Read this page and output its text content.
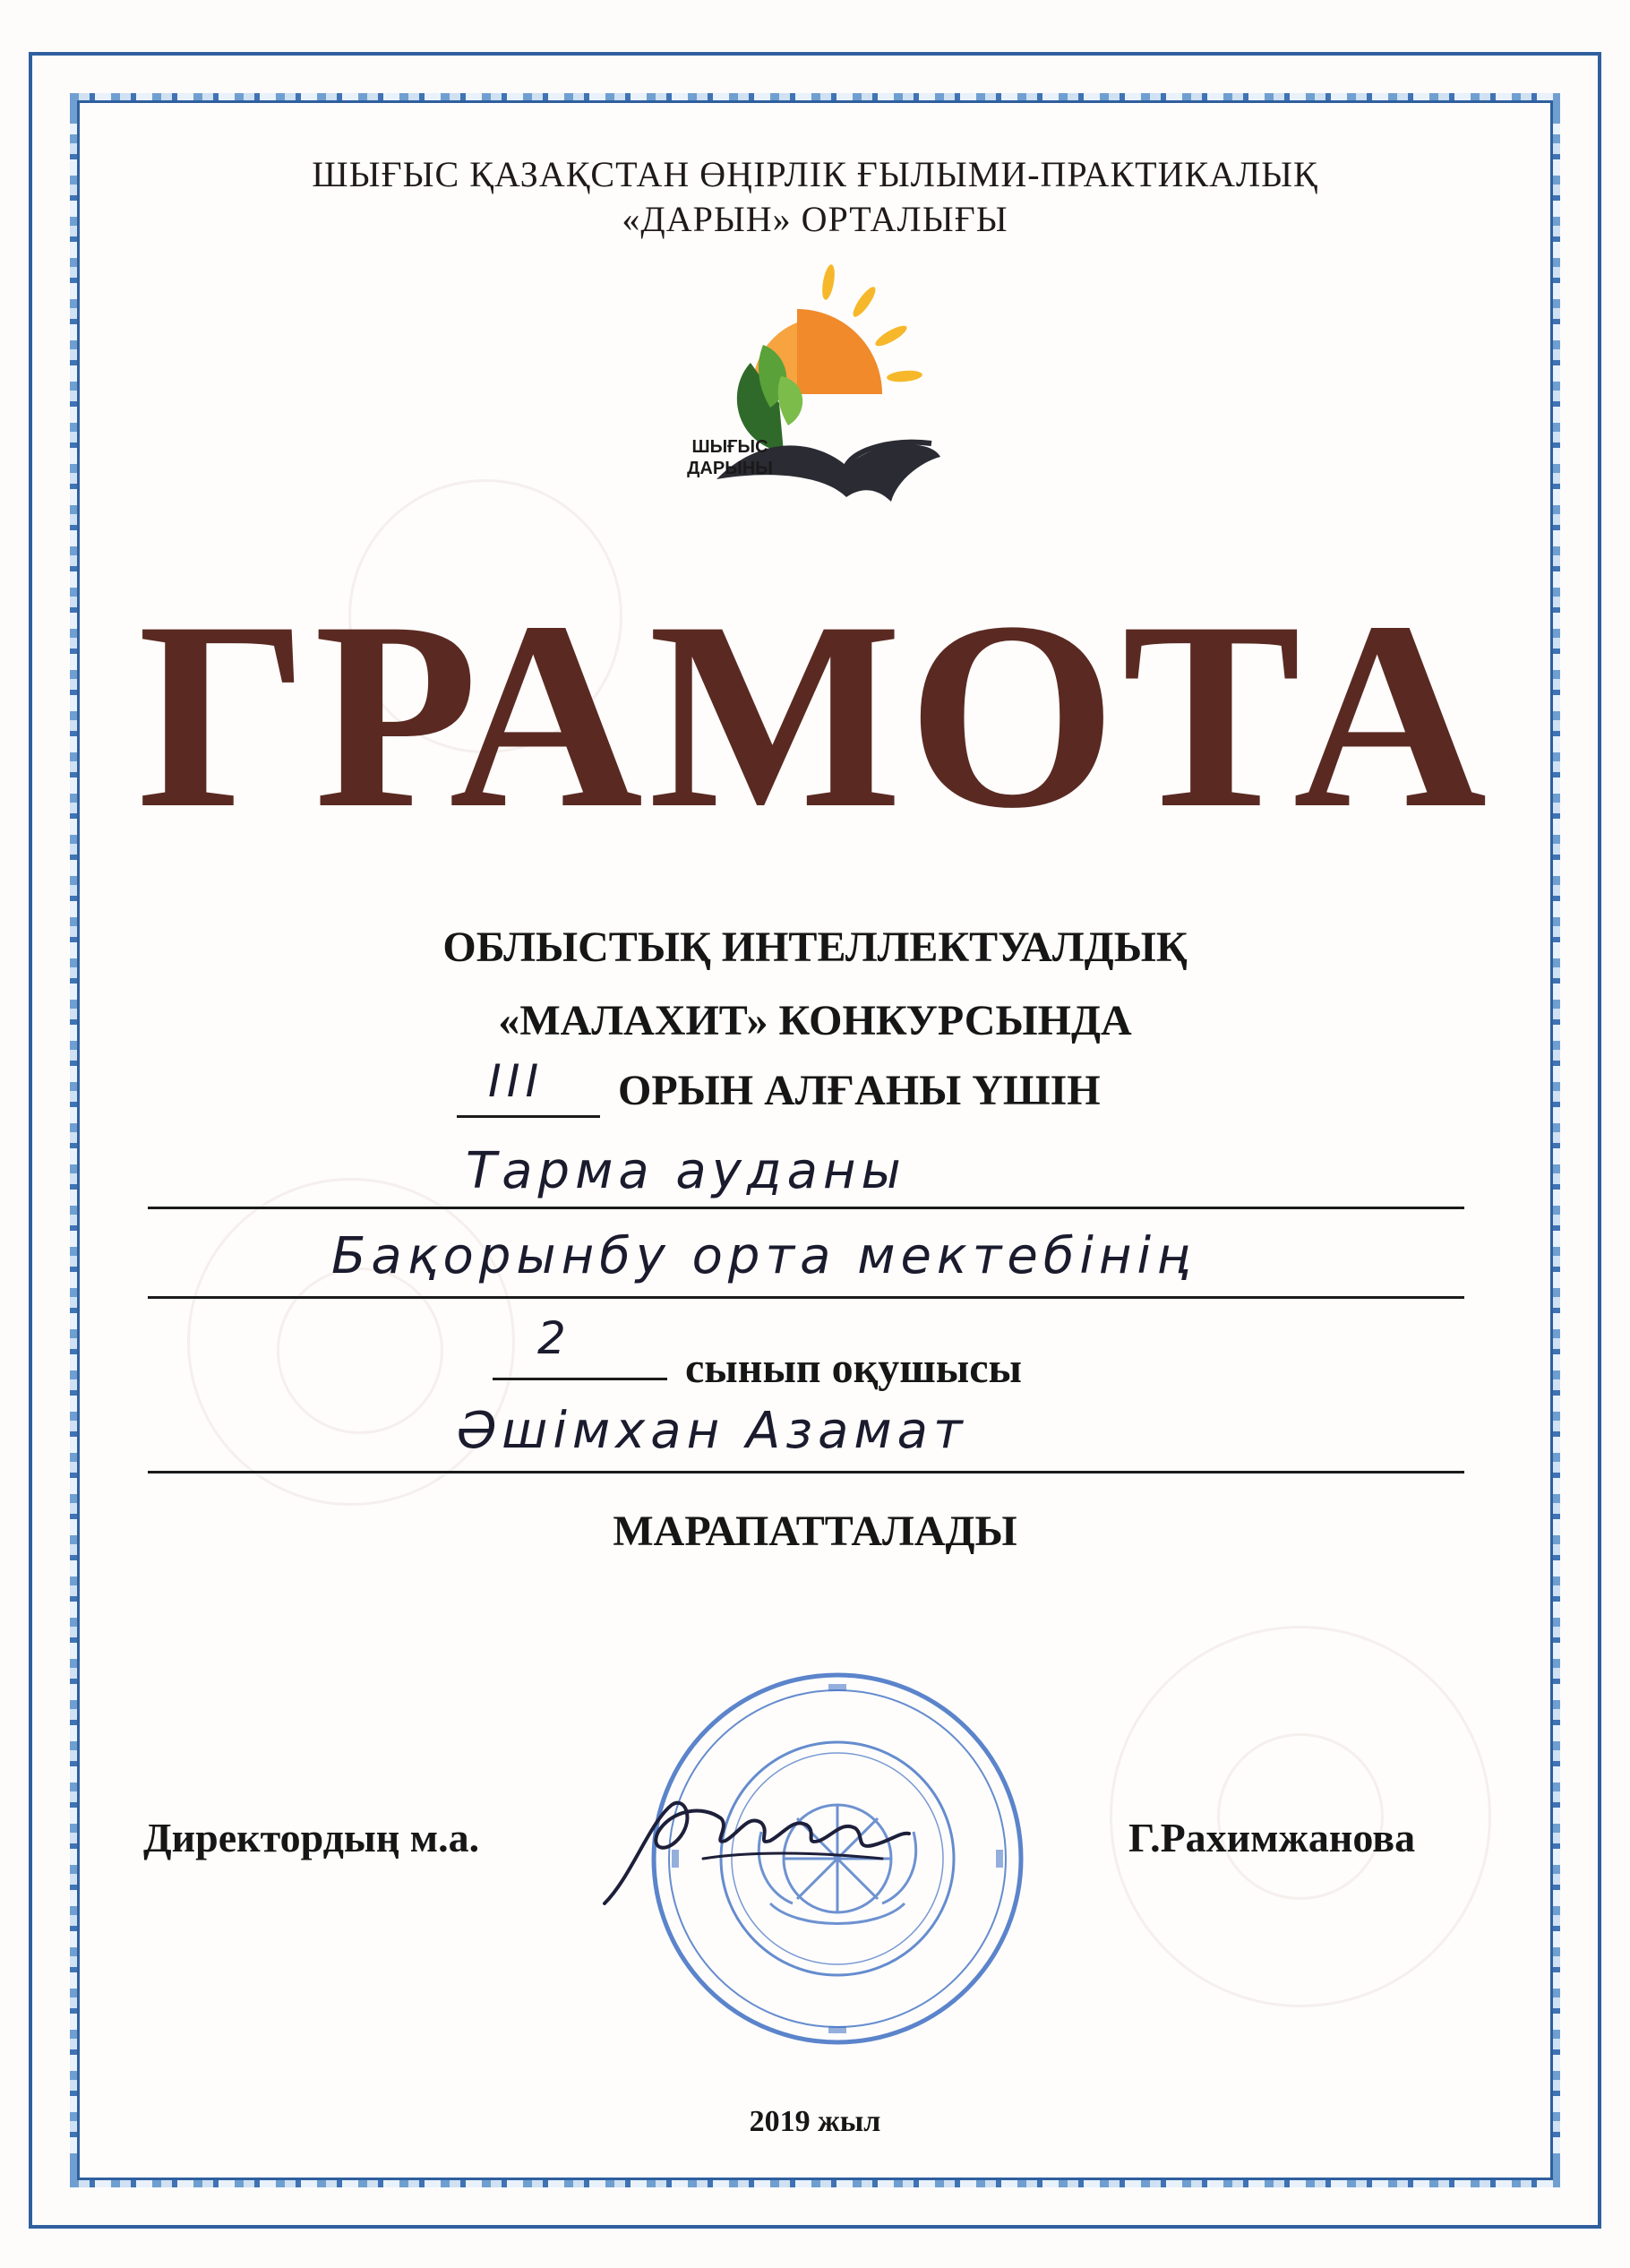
ШЫҒЫС ҚАЗАҚСТАН ӨҢІРЛІК ҒЫЛЫМИ-ПРАКТИКАЛЫҚ
«ДАРЫН» ОРТАЛЫҒЫ
ШЫҒЫС
ДАРЫНЫ
ГРАМОТА
ОБЛЫСТЫҚ ИНТЕЛЛЕКТУАЛДЫҚ
«МАЛАХИТ» КОНКУРСЫНДА
III ОРЫН АЛҒАНЫ ҮШІН
Тарма ауданы
Бақорынбу орта мектебінің
2
сынып оқушысы
Әшімхан Азамат
МАРАПАТТАЛАДЫ
Директордың м.а.	Г.Рахимжанова
2019 жыл
